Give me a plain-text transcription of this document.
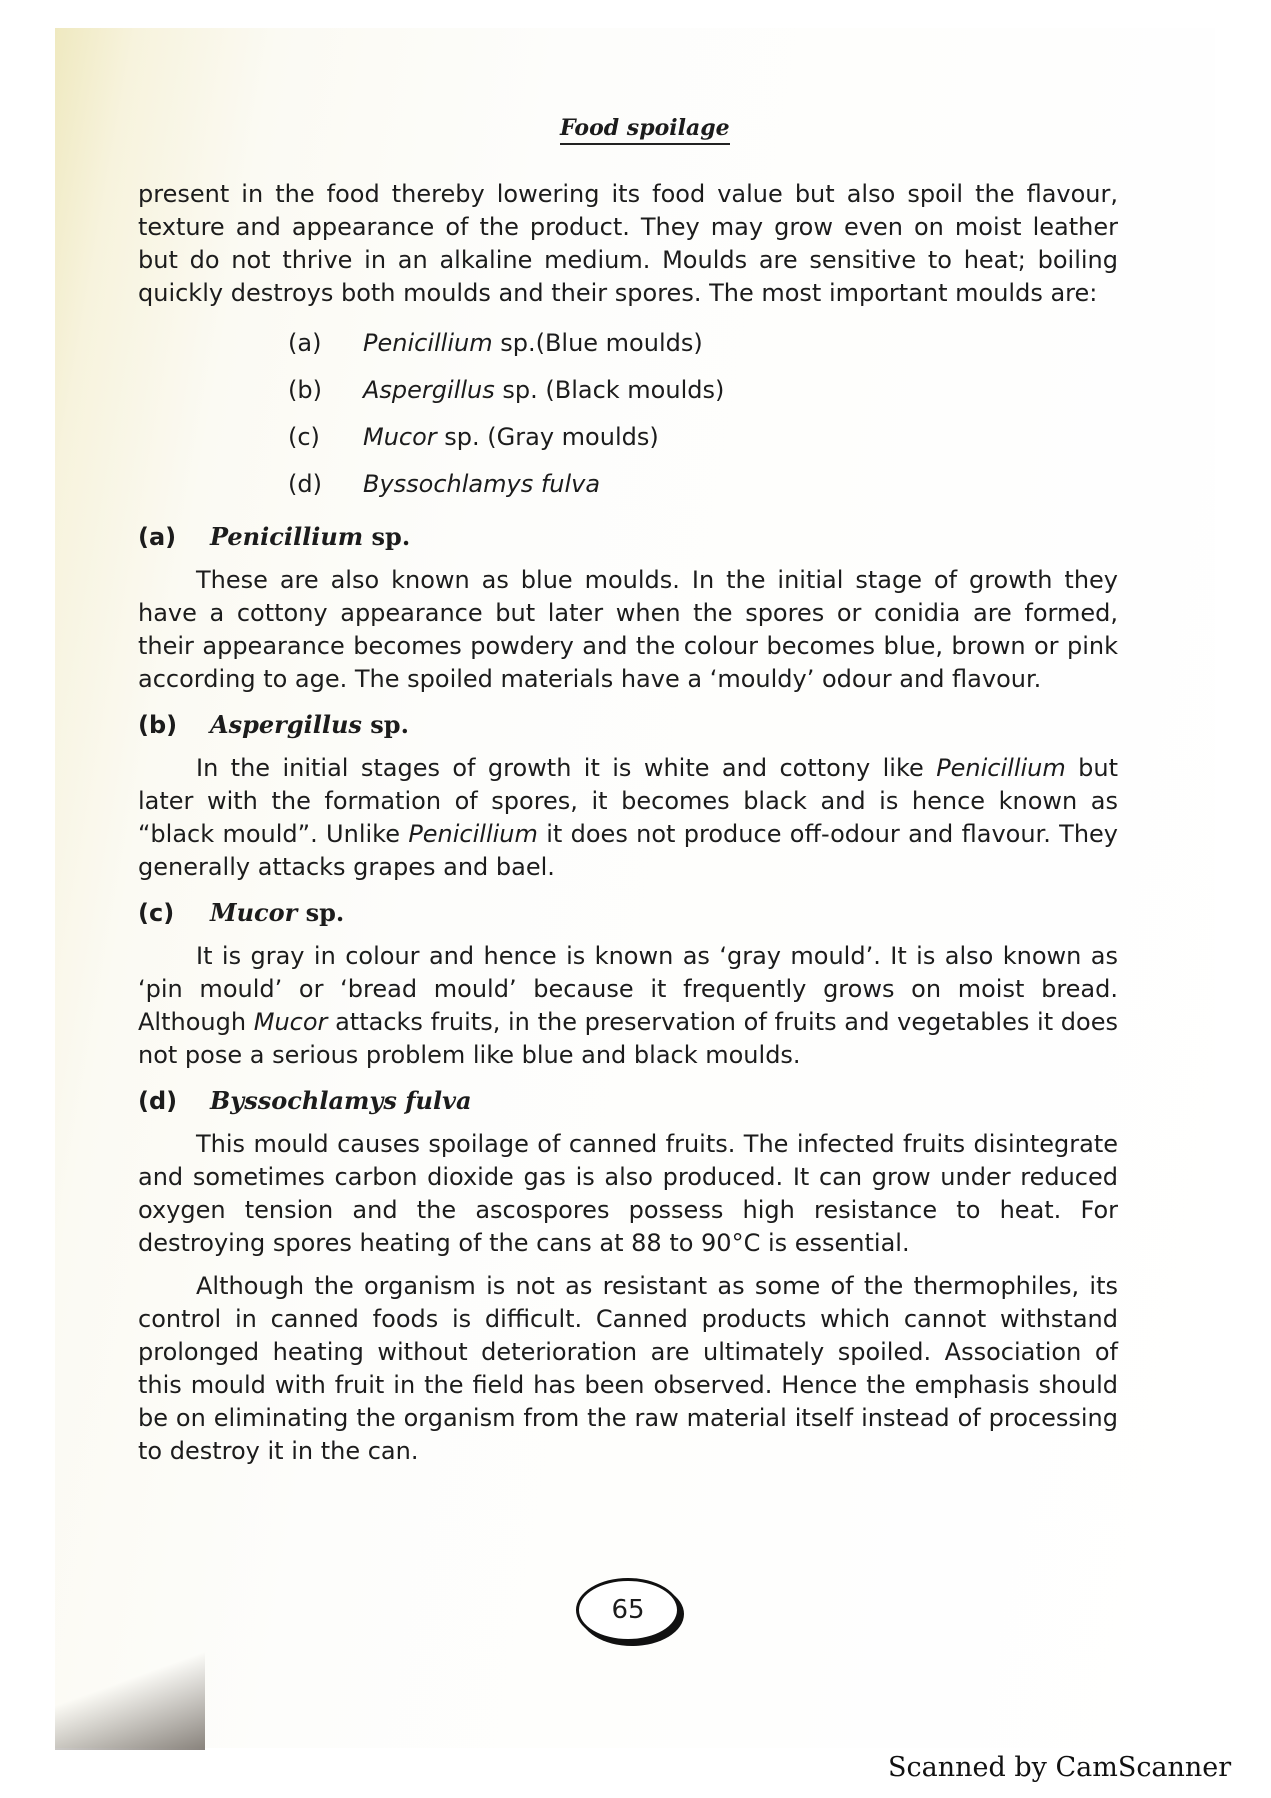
Food spoilage

present in the food thereby lowering its food value but also spoil the flavour, texture and appearance of the product. They may grow even on moist leather but do not thrive in an alkaline medium. Moulds are sensitive to heat; boiling quickly destroys both moulds and their spores. The most important moulds are:

(a)	Penicillium sp.(Blue moulds)
(b)	Aspergillus sp. (Black moulds)
(c)	Mucor sp. (Gray moulds)
(d)	Byssochlamys fulva
(a)	Penicillium sp.

These are also known as blue moulds. In the initial stage of growth they have a cottony appearance but later when the spores or conidia are formed, their appearance becomes powdery and the colour becomes blue, brown or pink according to age. The spoiled materials have a ‘mouldy’ odour and flavour.

(b)	Aspergillus sp.

In the initial stages of growth it is white and cottony like Penicillium but later with the formation of spores, it becomes black and is hence known as “black mould”. Unlike Penicillium it does not produce off-odour and flavour. They generally attacks grapes and bael.

(c)	Mucor sp.

It is gray in colour and hence is known as ‘gray mould’. It is also known as ‘pin mould’ or ‘bread mould’ because it frequently grows on moist bread. Although Mucor attacks fruits, in the preservation of fruits and vegetables it does not pose a serious problem like blue and black moulds.

(d)	Byssochlamys fulva

This mould causes spoilage of canned fruits. The infected fruits disintegrate and sometimes carbon dioxide gas is also produced. It can grow under reduced oxygen tension and the ascospores possess high resistance to heat. For destroying spores heating of the cans at 88 to 90°C is essential.

Although the organism is not as resistant as some of the thermophiles, its control in canned foods is difficult. Canned products which cannot withstand prolonged heating without deterioration are ultimately spoiled. Association of this mould with fruit in the field has been observed. Hence the emphasis should be on eliminating the organism from the raw material itself instead of processing to destroy it in the can.

65
Scanned by CamScanner
